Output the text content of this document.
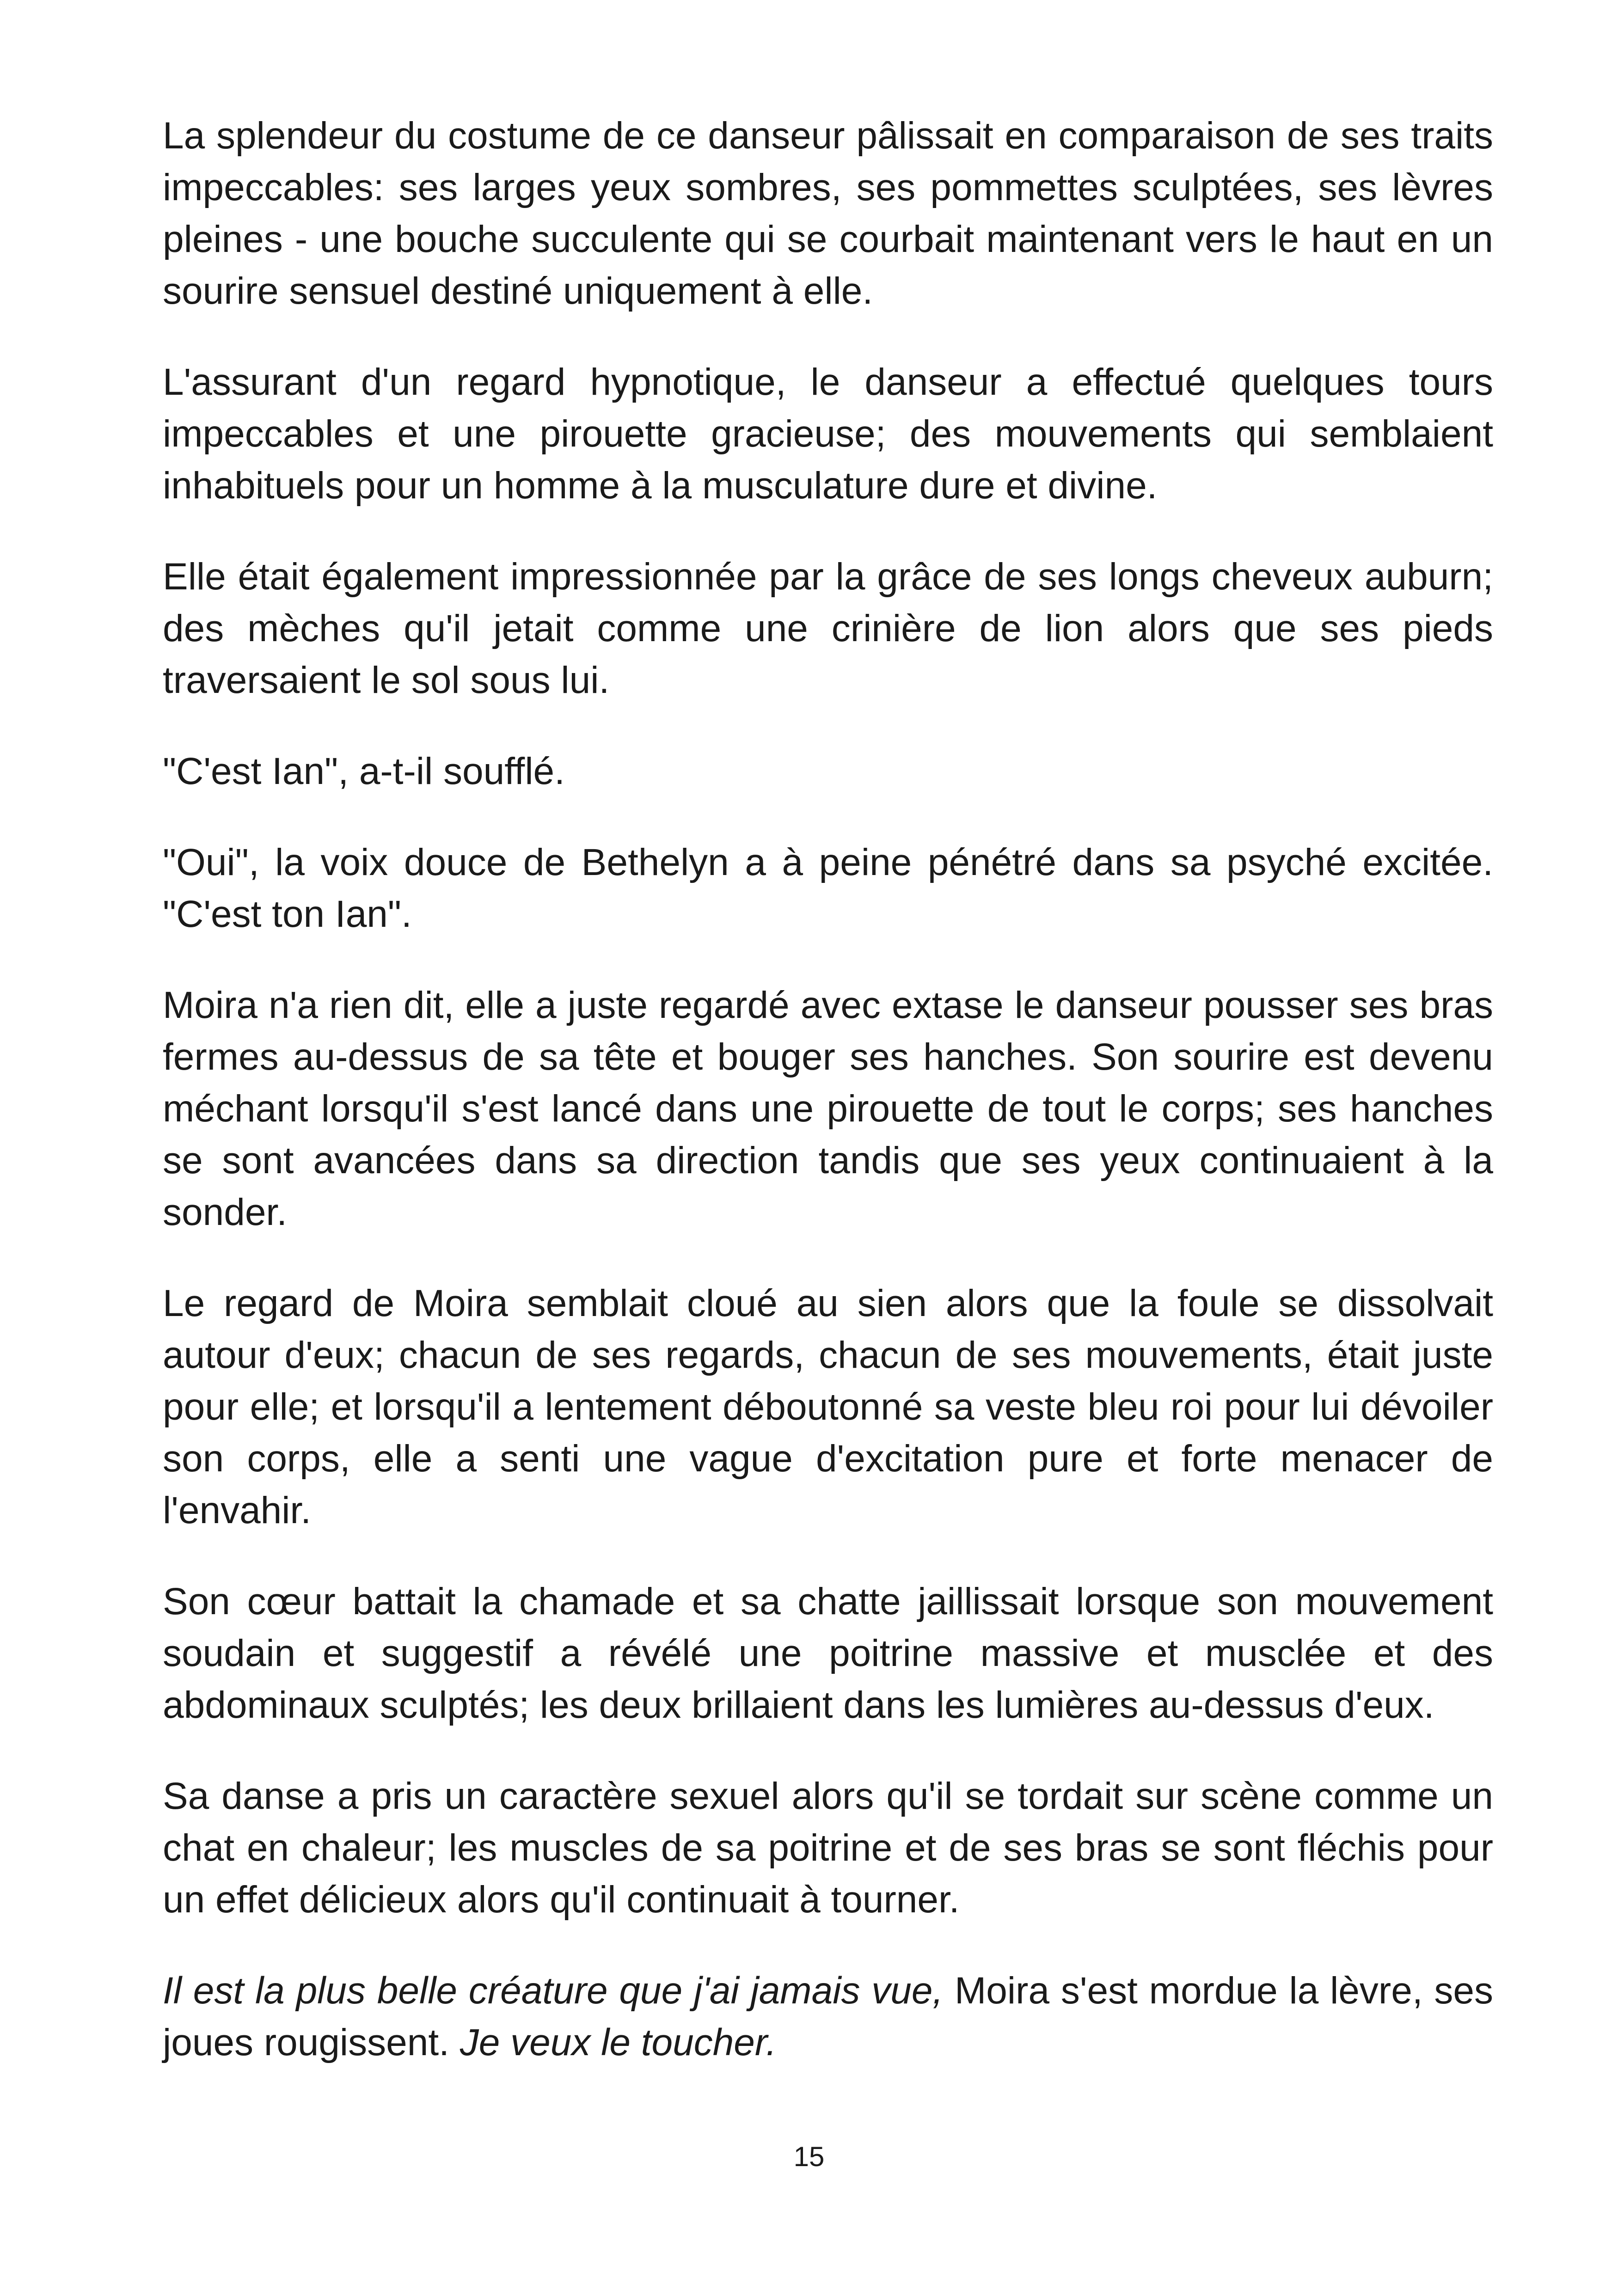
La splendeur du costume de ce danseur pâlissait en comparaison de ses traits impeccables: ses larges yeux sombres, ses pommettes sculptées, ses lèvres pleines - une bouche succulente qui se courbait maintenant vers le haut en un sourire sensuel destiné uniquement à elle.

L'assurant d'un regard hypnotique, le danseur a effectué quelques tours impeccables et une pirouette gracieuse; des mouvements qui semblaient inhabituels pour un homme à la musculature dure et divine.

Elle était également impressionnée par la grâce de ses longs cheveux auburn; des mèches qu'il jetait comme une crinière de lion alors que ses pieds traversaient le sol sous lui.

"C'est Ian", a-t-il soufflé.

"Oui", la voix douce de Bethelyn a à peine pénétré dans sa psyché excitée. "C'est ton Ian".

Moira n'a rien dit, elle a juste regardé avec extase le danseur pousser ses bras fermes au-dessus de sa tête et bouger ses hanches. Son sourire est devenu méchant lorsqu'il s'est lancé dans une pirouette de tout le corps; ses hanches se sont avancées dans sa direction tandis que ses yeux continuaient à la sonder.

Le regard de Moira semblait cloué au sien alors que la foule se dissolvait autour d'eux; chacun de ses regards, chacun de ses mouvements, était juste pour elle; et lorsqu'il a lentement déboutonné sa veste bleu roi pour lui dévoiler son corps, elle a senti une vague d'excitation pure et forte menacer de l'envahir.

Son cœur battait la chamade et sa chatte jaillissait lorsque son mouvement soudain et suggestif a révélé une poitrine massive et musclée et des abdominaux sculptés; les deux brillaient dans les lumières au-dessus d'eux.

Sa danse a pris un caractère sexuel alors qu'il se tordait sur scène comme un chat en chaleur; les muscles de sa poitrine et de ses bras se sont fléchis pour un effet délicieux alors qu'il continuait à tourner.

Il est la plus belle créature que j'ai jamais vue, Moira s'est mordue la lèvre, ses joues rougissent. Je veux le toucher.

15
